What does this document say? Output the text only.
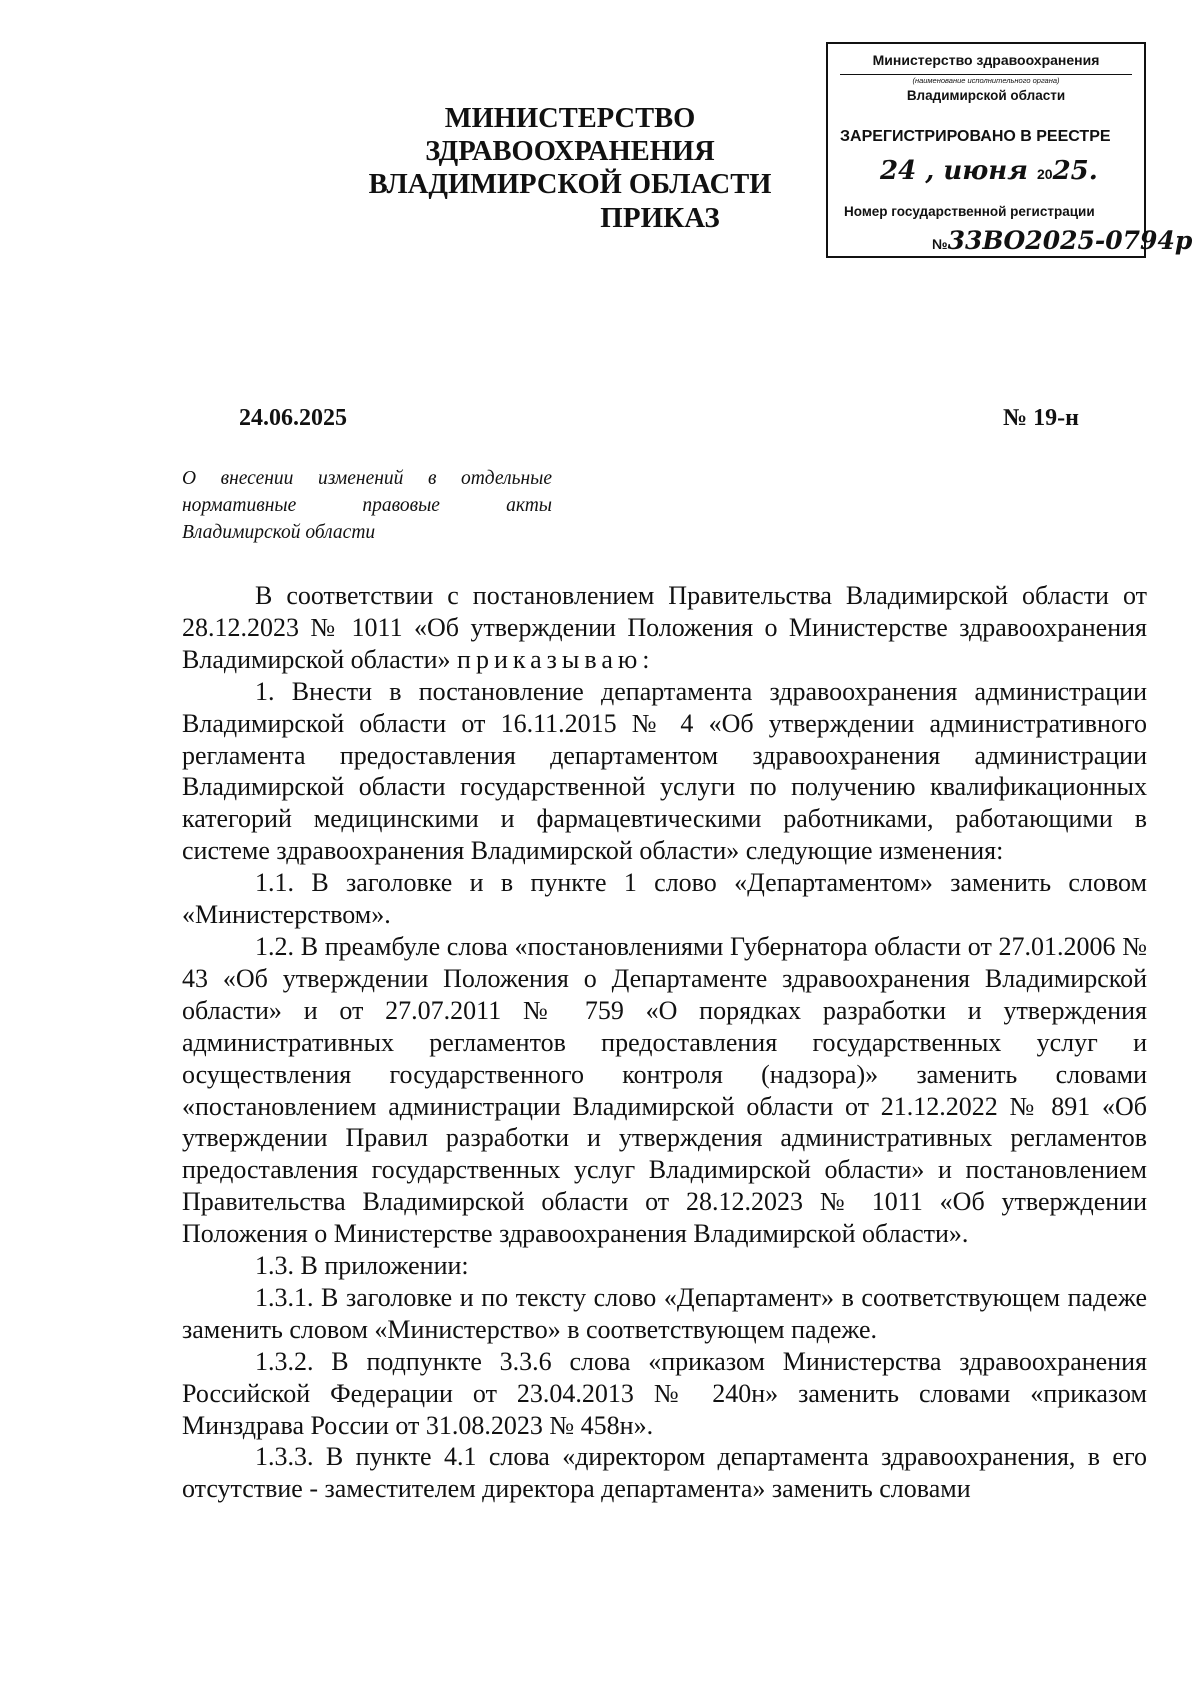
МИНИСТЕРСТВО ЗДРАВООХРАНЕНИЯ
ВЛАДИМИРСКОЙ ОБЛАСТИ
ПРИКАЗ
Министерство здравоохранения
(наименование исполнительного органа)
Владимирской области
ЗАРЕГИСТРИРОВАНО В РЕЕСТРЕ
24 , июня 2025.
Номер государственной регистрации
№33ВО2025-0794р
24.06.2025	№ 19-н
О внесении изменений в отдельные
нормативные правовые акты
Владимирской области

В соответствии с постановлением Правительства Владимирской области от 28.12.2023 № 1011 «Об утверждении Положения о Министерстве здравоохранения Владимирской области» приказываю:

1. Внести в постановление департамента здравоохранения администрации Владимирской области от 16.11.2015 № 4 «Об утверждении административного регламента предоставления департаментом здравоохранения администрации Владимирской области государственной услуги по получению квалификационных категорий медицинскими и фармацевтическими работниками, работающими в системе здравоохранения Владимирской области» следующие изменения:

1.1. В заголовке и в пункте 1 слово «Департаментом» заменить словом «Министерством».

1.2. В преамбуле слова «постановлениями Губернатора области от 27.01.2006 № 43 «Об утверждении Положения о Департаменте здравоохранения Владимирской области» и от 27.07.2011 № 759 «О порядках разработки и утверждения административных регламентов предоставления государственных услуг и осуществления государственного контроля (надзора)» заменить словами «постановлением администрации Владимирской области от 21.12.2022 № 891 «Об утверждении Правил разработки и утверждения административных регламентов предоставления государственных услуг Владимирской области» и постановлением Правительства Владимирской области от 28.12.2023 № 1011 «Об утверждении Положения о Министерстве здравоохранения Владимирской области».

1.3. В приложении:

1.3.1. В заголовке и по тексту слово «Департамент» в соответствующем падеже заменить словом «Министерство» в соответствующем падеже.

1.3.2. В подпункте 3.3.6 слова «приказом Министерства здравоохранения Российской Федерации от 23.04.2013 № 240н» заменить словами «приказом Минздрава России от 31.08.2023 № 458н».

1.3.3. В пункте 4.1 слова «директором департамента здравоохранения, в его отсутствие - заместителем директора департамента» заменить словами
